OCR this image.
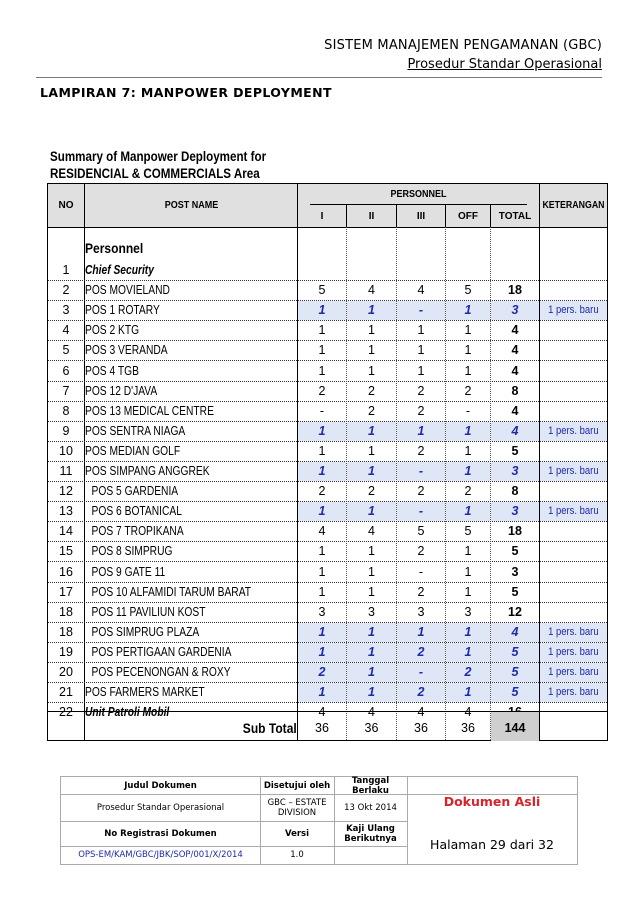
SISTEM MANAJEMEN PENGAMANAN (GBC)
Prosedur Standar Operasional
LAMPIRAN 7: MANPOWER DEPLOYMENT
Summary of Manpower Deployment for
RESIDENCIAL & COMMERCIALS Area
NO	POST NAME
PERSONNEL
I	II	III	OFF	TOTAL
KETERANGAN
Personnel
1	Chief Security
2	POS MOVIELAND	5	4	4	5	18
3	POS 1 ROTARY	1	1	-	1	3	1 pers. baru
4	POS 2 KTG	1	1	1	1	4
5	POS 3 VERANDA	1	1	1	1	4
6	POS 4 TGB	1	1	1	1	4
7	POS 12 D'JAVA	2	2	2	2	8
8	POS 13 MEDICAL CENTRE	-	2	2	-	4
9	POS SENTRA NIAGA	1	1	1	1	4	1 pers. baru
10 POS MEDIAN GOLF	1	1	2	1	5
11	POS SIMPANG ANGGREK	1	1	-	1	3	1 pers. baru
12	POS 5 GARDENIA	2	2	2	2	8
13	POS 6 BOTANICAL	1	1	-	1	3	1 pers. baru
14	POS 7 TROPIKANA	4	4	5	5	18
15	POS 8 SIMPRUG	1	1	2	1	5
16	POS 9 GATE 11	1	1	-	1	3
17	POS 10 ALFAMIDI TARUM BARAT	1	1	2	1	5
18	POS 11 PAVILIUN KOST	3	3	3	3	12
18	POS SIMPRUG PLAZA	1	1	1	1	4	1 pers. baru
19	POS PERTIGAAN GARDENIA	1	1	2	1	5	1 pers. baru
20	POS PECENONGAN & ROXY	2	1	-	2	5	1 pers. baru
21 POS FARMERS MARKET	1	1	2	1	5	1 pers. baru
22 Unit Patroli Mobil	4	4	4	4
Sub Total	36	36	36	36	144
Judul Dokumen	Disetujui oleh	Tanggal Berlaku
Prosedur Standar Operasional	GBC – ESTATE DIVISION	13 Okt 2014	Dokumen Asli
No Registrasi Dokumen	Versi	Kaji Ulang Berikutnya
OPS-EM/KAM/GBC/JBK/SOP/001/X/2014	1.0
Halaman 29 dari 32
